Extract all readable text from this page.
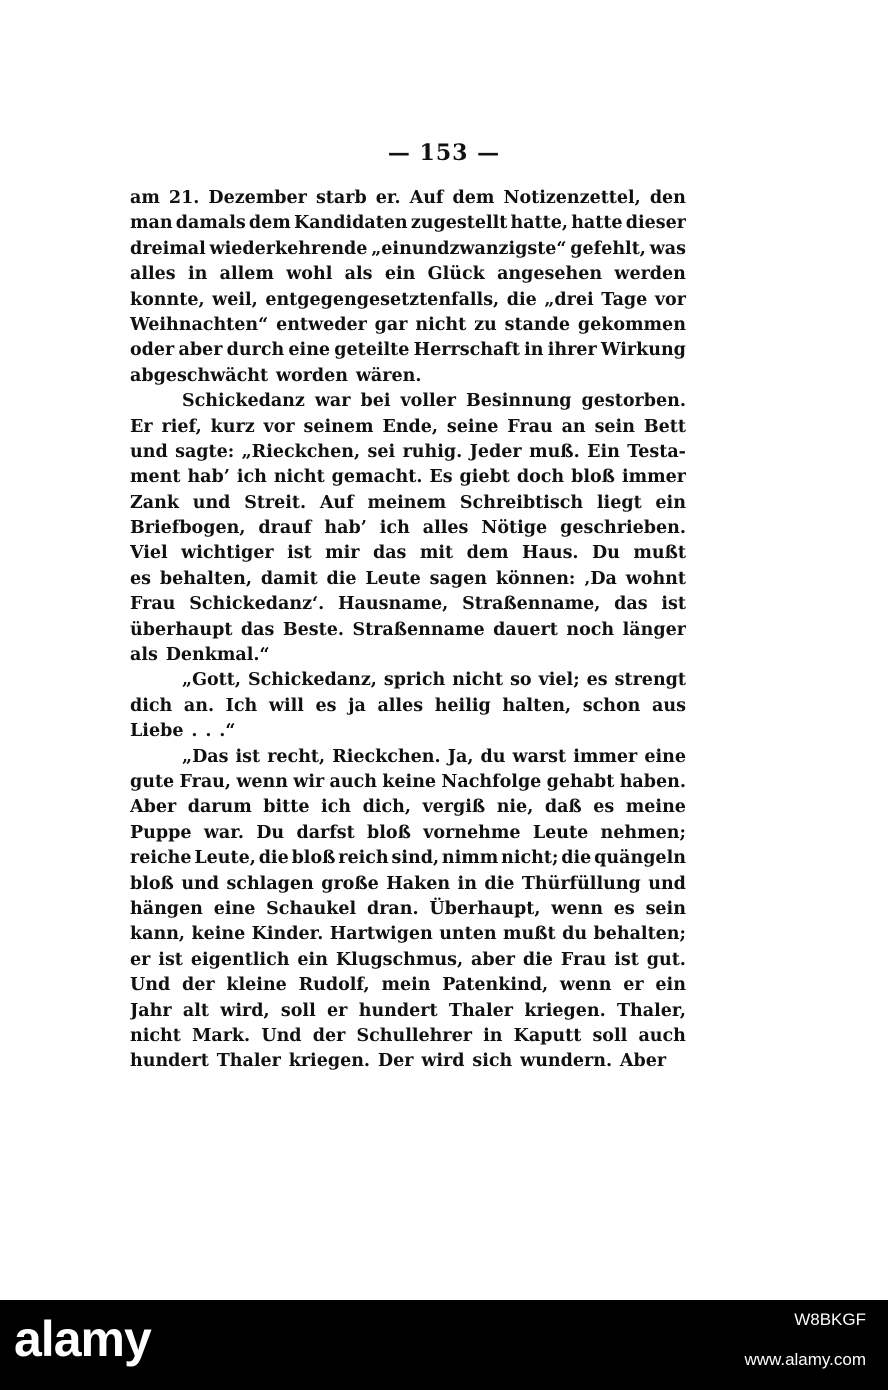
— 153 —
am 21. Dezember starb er. Auf dem Notizenzettel, den
man damals dem Kandidaten zugestellt hatte, hatte dieser
dreimal wiederkehrende „einundzwanzigste“ gefehlt, was
alles in allem wohl als ein Glück angesehen werden
konnte, weil, entgegengesetztenfalls, die „drei Tage vor
Weihnachten“ entweder gar nicht zu stande gekommen
oder aber durch eine geteilte Herrschaft in ihrer Wirkung
abgeschwächt worden wären.
Schickedanz war bei voller Besinnung gestorben.
Er rief, kurz vor seinem Ende, seine Frau an sein Bett
und sagte: „Rieckchen, sei ruhig. Jeder muß. Ein Testa-
ment hab’ ich nicht gemacht. Es giebt doch bloß immer
Zank und Streit. Auf meinem Schreibtisch liegt ein
Briefbogen, drauf hab’ ich alles Nötige geschrieben.
Viel wichtiger ist mir das mit dem Haus. Du mußt
es behalten, damit die Leute sagen können: ‚Da wohnt
Frau Schickedanz‘. Hausname, Straßenname, das ist
überhaupt das Beste. Straßenname dauert noch länger
als Denkmal.“
„Gott, Schickedanz, sprich nicht so viel; es strengt
dich an. Ich will es ja alles heilig halten, schon aus
Liebe . . .“
„Das ist recht, Rieckchen. Ja, du warst immer eine
gute Frau, wenn wir auch keine Nachfolge gehabt haben.
Aber darum bitte ich dich, vergiß nie, daß es meine
Puppe war. Du darfst bloß vornehme Leute nehmen;
reiche Leute, die bloß reich sind, nimm nicht; die quängeln
bloß und schlagen große Haken in die Thürfüllung und
hängen eine Schaukel dran. Überhaupt, wenn es sein
kann, keine Kinder. Hartwigen unten mußt du behalten;
er ist eigentlich ein Klugschmus, aber die Frau ist gut.
Und der kleine Rudolf, mein Patenkind, wenn er ein
Jahr alt wird, soll er hundert Thaler kriegen. Thaler,
nicht Mark. Und der Schullehrer in Kaputt soll auch
hundert Thaler kriegen. Der wird sich wundern. Aber
alamy	W8BKGF
www.alamy.com
